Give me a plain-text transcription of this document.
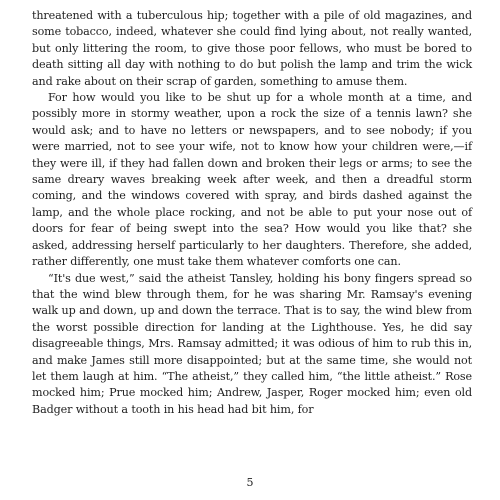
threatened with a tuberculous hip; together with a pile of old magazines, and some tobacco, indeed, whatever she could find lying about, not really wanted, but only littering the room, to give those poor fellows, who must be bored to death sitting all day with nothing to do but polish the lamp and trim the wick and rake about on their scrap of garden, something to amuse them.

For how would you like to be shut up for a whole month at a time, and possibly more in stormy weather, upon a rock the size of a tennis lawn? she would ask; and to have no letters or newspapers, and to see nobody; if you were married, not to see your wife, not to know how your children were,—if they were ill, if they had fallen down and broken their legs or arms; to see the same dreary waves breaking week after week, and then a dreadful storm coming, and the windows covered with spray, and birds dashed against the lamp, and the whole place rocking, and not be able to put your nose out of doors for fear of being swept into the sea? How would you like that? she asked, addressing herself particularly to her daughters. Therefore, she added, rather differently, one must take them whatever comforts one can.

“It's due west,” said the atheist Tansley, holding his bony fingers spread so that the wind blew through them, for he was sharing Mr. Ramsay's evening walk up and down, up and down the terrace. That is to say, the wind blew from the worst possible direction for landing at the Lighthouse. Yes, he did say disagreeable things, Mrs. Ramsay admitted; it was odious of him to rub this in, and make James still more disappointed; but at the same time, she would not let them laugh at him. “The atheist,” they called him, “the little atheist.” Rose mocked him; Prue mocked him; Andrew, Jasper, Roger mocked him; even old Badger without a tooth in his head had bit him, for

5
